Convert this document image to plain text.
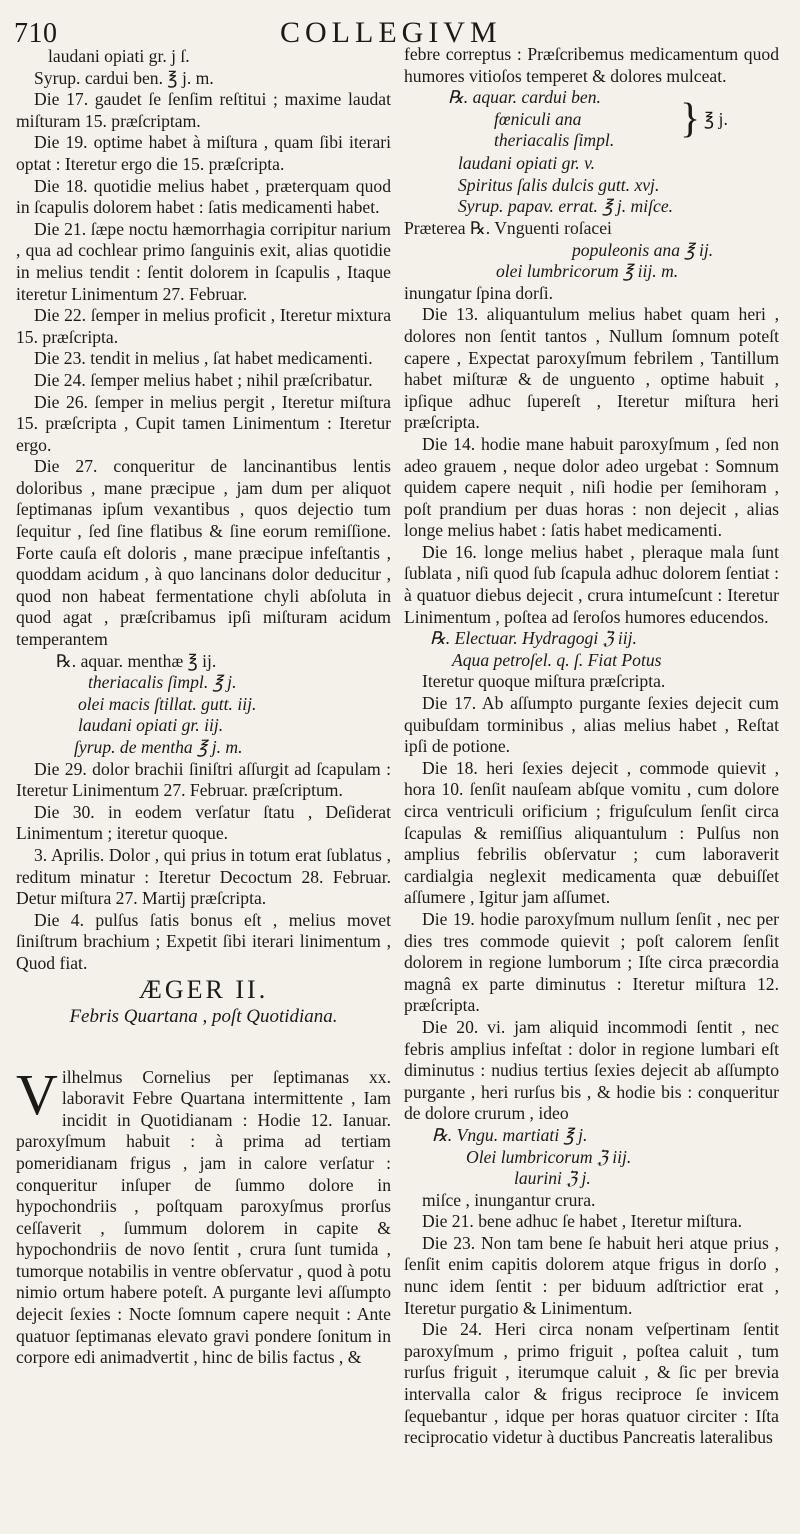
710	COLLEGIVM

laudani opiati gr. j ſ.

Syrup. cardui ben. ℥ j. m.

Die 17. gaudet ſe ſenſim reſtitui ; maxime laudat miſturam 15. præſcriptam.

Die 19. optime habet à miſtura , quam ſibi iterari optat : Iteretur ergo die 15. præſcripta.

Die 18. quotidie melius habet , præterquam quod in ſcapulis dolorem habet : ſatis medicamenti habet.

Die 21. ſæpe noctu hæmorrhagia corripitur narium , qua ad cochlear primo ſanguinis exit, alias quotidie in melius tendit : ſentit dolorem in ſcapulis , Itaque iteretur Linimentum 27. Februar.

Die 22. ſemper in melius proficit , Iteretur mixtura 15. præſcripta.

Die 23. tendit in melius , ſat habet medicamenti.

Die 24. ſemper melius habet ; nihil præſcribatur.

Die 26. ſemper in melius pergit , Iteretur miſtura 15. præſcripta , Cupit tamen Linimentum : Iteretur ergo.

Die 27. conqueritur de lancinantibus lentis doloribus , mane præcipue , jam dum per aliquot ſeptimanas ipſum vexantibus , quos dejectio tum ſequitur , ſed ſine flatibus & ſine eorum remiſſione. Forte cauſa eſt doloris , mane præcipue infeſtantis , quoddam acidum , à quo lancinans dolor deducitur , quod non habeat fermentatione chyli abſoluta in quod agat , præſcribamus ipſi miſturam acidum temperantem

℞. aquar. menthæ ℥ ij.

theriacalis ſimpl. ℥ j.

olei macis ſtillat. gutt. iij.

laudani opiati gr. iij.

ſyrup. de mentha ℥ j. m.

Die 29. dolor brachii ſiniſtri aſſurgit ad ſcapulam : Iteretur Linimentum 27. Februar. præſcriptum.

Die 30. in eodem verſatur ſtatu , Deſiderat Linimentum ; iteretur quoque.

3. Aprilis. Dolor , qui prius in totum erat ſublatus , reditum minatur : Iteretur Decoctum 28. Februar. Detur miſtura 27. Martij præſcripta.

Die 4. pulſus ſatis bonus eſt , melius movet ſiniſtrum brachium ; Expetit ſibi iterari linimentum , Quod fiat.

ÆGER II.

Febris Quartana , poſt Quotidiana.

V ilhelmus Cornelius per ſeptimanas xx. laboravit Febre Quartana intermittente , Iam incidit in Quotidianam : Hodie 12. Ianuar. paroxyſmum habuit : à prima ad tertiam pomeridianam frigus , jam in calore verſatur : conqueritur inſuper de ſummo dolore in hypochondriis , poſtquam paroxyſmus prorſus ceſſaverit , ſummum dolorem in capite & hypochondriis de novo ſentit , crura ſunt tumida , tumorque notabilis in ventre obſervatur , quod à potu nimio ortum habere poteſt. A purgante levi aſſumpto dejecit ſexies : Nocte ſomnum capere nequit : Ante quatuor ſeptimanas elevato gravi pondere ſonitum in corpore edi animadvertit , hinc de bilis factus , &

febre correptus : Præſcribemus medicamentum quod humores vitioſos temperet & dolores mulceat.

℞. aquar. cardui ben.

fœniculi ana

theriacalis ſimpl. } ℥ j.

laudani opiati gr. v.

Spiritus ſalis dulcis gutt. xvj.

Syrup. papav. errat. ℥ j. miſce.

Præterea ℞. Vnguenti roſacei

populeonis ana ℥ ij.

olei lumbricorum ℥ iij. m.

inungatur ſpina dorſi.

Die 13. aliquantulum melius habet quam heri , dolores non ſentit tantos , Nullum ſomnum poteſt capere , Expectat paroxyſmum febrilem , Tantillum habet miſturæ & de unguento , optime habuit , ipſique adhuc ſupereſt , Iteretur miſtura heri præſcripta.

Die 14. hodie mane habuit paroxyſmum , ſed non adeo grauem , neque dolor adeo urgebat : Somnum quidem capere nequit , niſi hodie per ſemihoram , poſt prandium per duas horas : non dejecit , alias longe melius habet : ſatis habet medicamenti.

Die 16. longe melius habet , pleraque mala ſunt ſublata , niſi quod ſub ſcapula adhuc dolorem ſentiat : à quatuor diebus dejecit , crura intumeſcunt : Iteretur Linimentum , poſtea ad ſeroſos humores educendos.

℞. Electuar. Hydragogi ℨ iij.

Aqua petroſel. q. ſ. Fiat Potus

Iteretur quoque miſtura præſcripta.

Die 17. Ab aſſumpto purgante ſexies dejecit cum quibuſdam torminibus , alias melius habet , Reſtat ipſi de potione.

Die 18. heri ſexies dejecit , commode quievit , hora 10. ſenſit nauſeam abſque vomitu , cum dolore circa ventriculi orificium ; friguſculum ſenſit circa ſcapulas & remiſſius aliquantulum : Pulſus non amplius febrilis obſervatur ; cum laboraverit cardialgia neglexit medicamenta quæ debuiſſet aſſumere , Igitur jam aſſumet.

Die 19. hodie paroxyſmum nullum ſenſit , nec per dies tres commode quievit ; poſt calorem ſenſit dolorem in regione lumborum ; Iſte circa præcordia magnâ ex parte diminutus : Iteretur miſtura 12. præſcripta.

Die 20. vi. jam aliquid incommodi ſentit , nec febris amplius infeſtat : dolor in regione lumbari eſt diminutus : nudius tertius ſexies dejecit ab aſſumpto purgante , heri rurſus bis , & hodie bis : conqueritur de dolore crurum , ideo

℞. Vngu. martiati ℥ j.

Olei lumbricorum ℨ iij.

laurini ℨ j.

miſce , inungantur crura.

Die 21. bene adhuc ſe habet , Iteretur miſtura.

Die 23. Non tam bene ſe habuit heri atque prius , ſenſit enim capitis dolorem atque frigus in dorſo , nunc idem ſentit : per biduum adſtrictior erat , Iteretur purgatio & Linimentum.

Die 24. Heri circa nonam veſpertinam ſentit paroxyſmum , primo friguit , poſtea caluit , tum rurſus friguit , iterumque caluit , & ſic per brevia intervalla calor & frigus reciproce ſe invicem ſequebantur , idque per horas quatuor circiter : Iſta reciprocatio videtur à ductibus Pancreatis lateralibus
